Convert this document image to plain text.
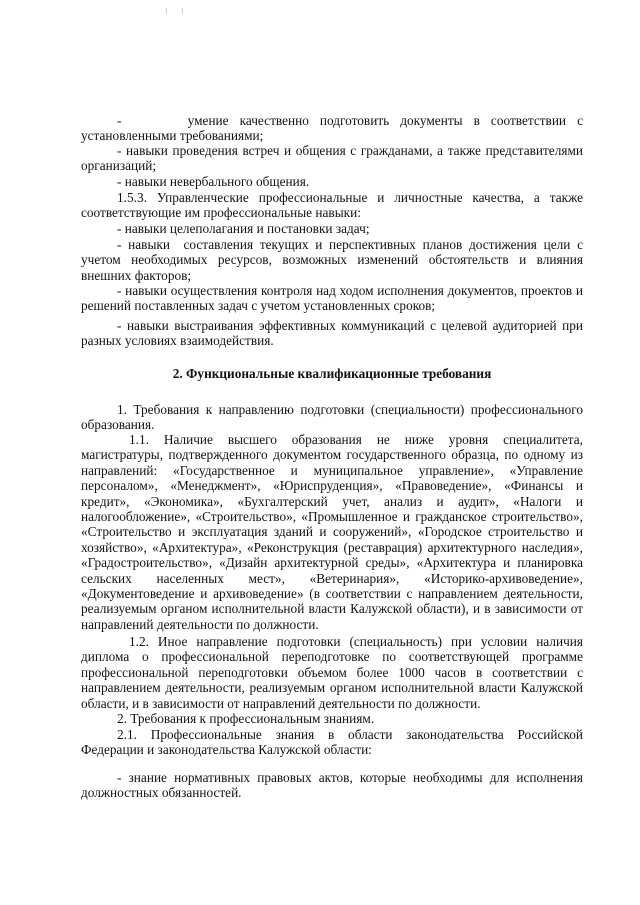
-      умение качественно подготовить документы в соответствии с установленными требованиями;

- навыки проведения встреч и общения с гражданами, а также представителями организаций;

- навыки невербального общения.

1.5.3. Управленческие профессиональные и личностные качества, а также соответствующие им профессиональные навыки:

- навыки целеполагания и постановки задач;

- навыки  составления текущих и перспективных планов достижения цели с учетом необходимых ресурсов, возможных изменений обстоятельств и влияния внешних факторов;

- навыки осуществления контроля над ходом исполнения документов, проектов и решений поставленных задач с учетом установленных сроков;

- навыки выстраивания эффективных коммуникаций с целевой аудиторией при разных условиях взаимодействия.

2. Функциональные квалификационные требования

1. Требования к направлению подготовки (специальности) профессионального образования.

1.1. Наличие высшего образования не ниже уровня специалитета, магистратуры, подтвержденного документом государственного образца, по одному из направлений: «Государственное и муниципальное управление», «Управление персоналом», «Менеджмент», «Юриспруденция», «Правоведение», «Финансы и кредит», «Экономика», «Бухгалтерский учет, анализ и аудит», «Налоги и налогообложение», «Строительство», «Промышленное и гражданское строительство», «Строительство и эксплуатация зданий и сооружений», «Городское строительство и хозяйство», «Архитектура», «Реконструкция (реставрация) архитектурного наследия», «Градостроительство», «Дизайн архитектурной среды», «Архитектура и планировка сельских населенных мест», «Ветеринария», «Историко-архивоведение», «Документоведение и архивоведение» (в соответствии с направлением деятельности, реализуемым органом исполнительной власти Калужской области), и в зависимости от направлений деятельности по должности.

1.2. Иное направление подготовки (специальность) при условии наличия диплома о профессиональной переподготовке по соответствующей программе профессиональной переподготовки объемом более 1000 часов в соответствии с направлением деятельности, реализуемым органом исполнительной власти Калужской области, и в зависимости от направлений деятельности по должности.

2. Требования к профессиональным знаниям.

2.1. Профессиональные знания в области законодательства Российской Федерации и законодательства Калужской области:

- знание нормативных правовых актов, которые необходимы для исполнения должностных обязанностей.
